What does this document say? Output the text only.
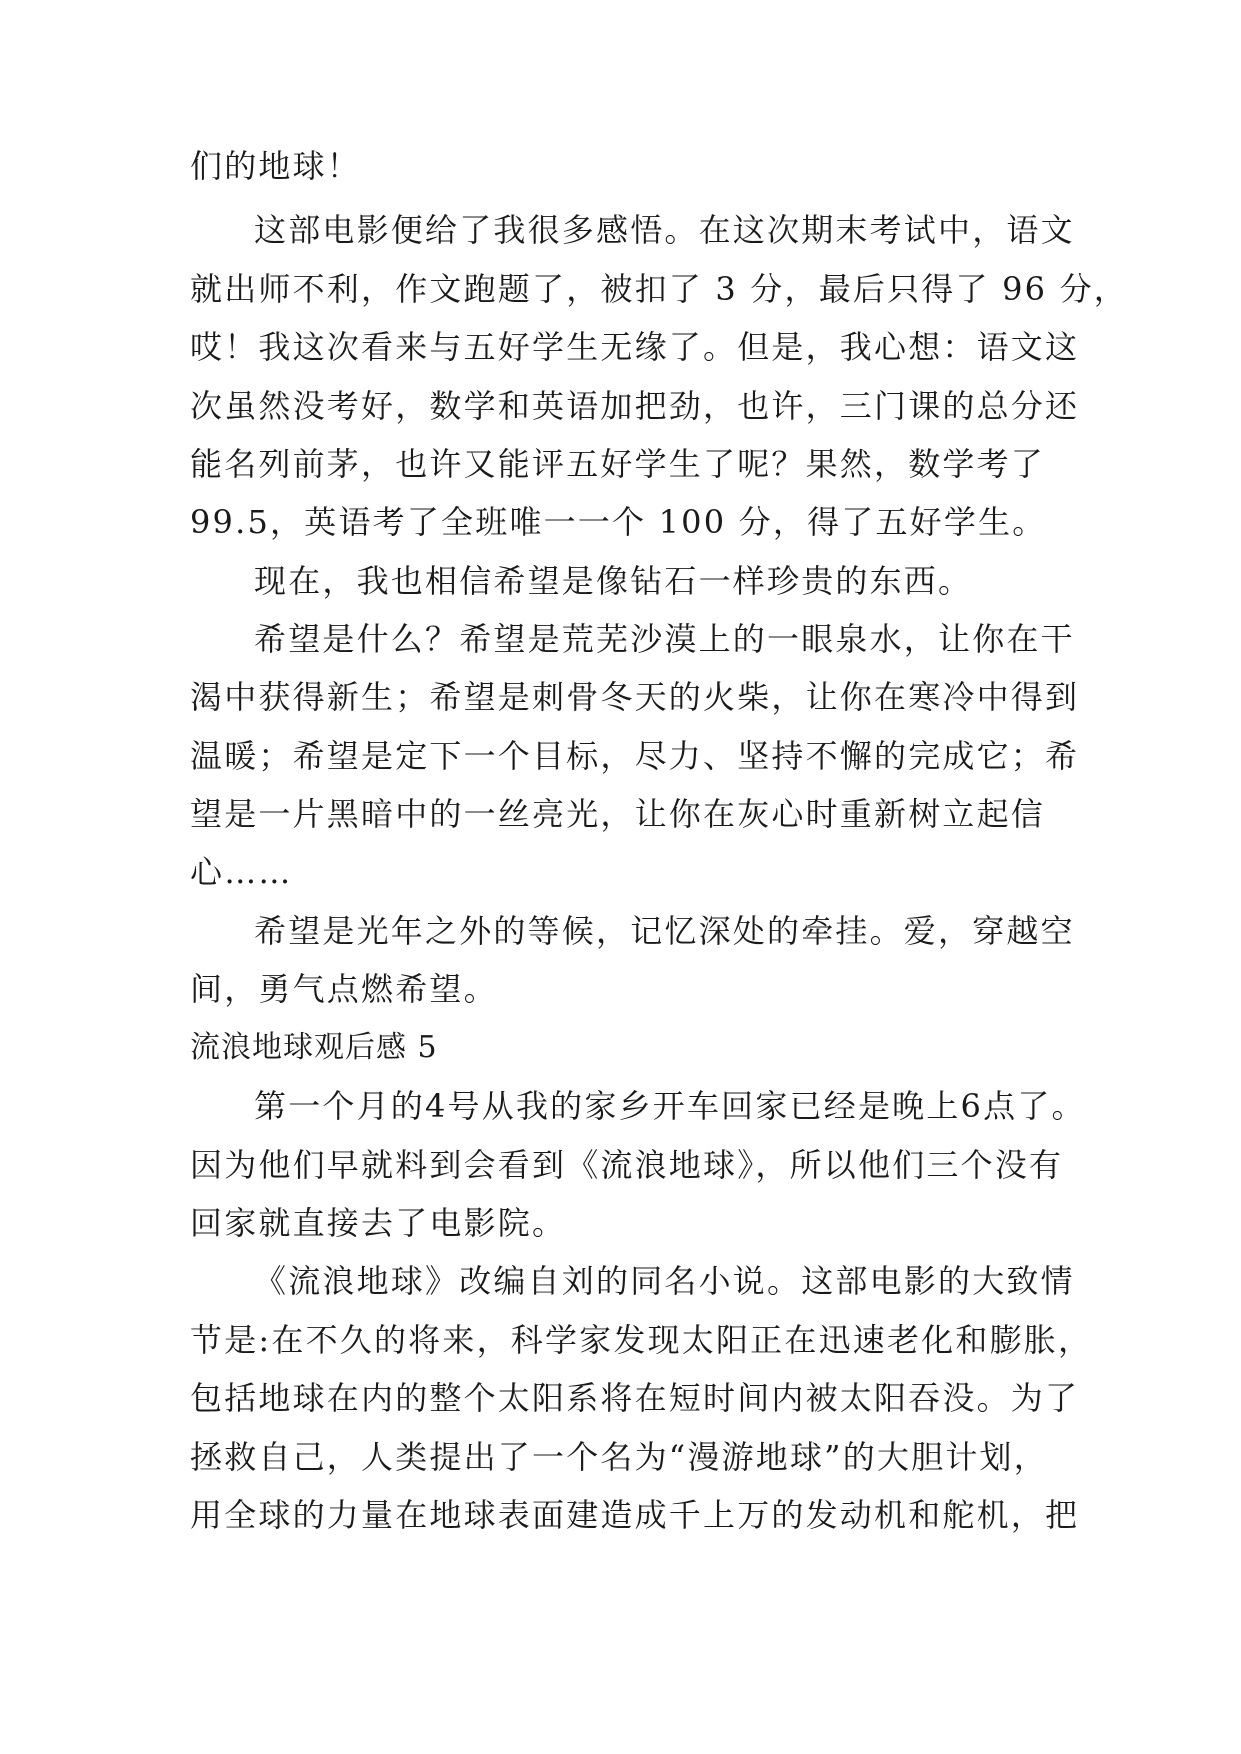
们的地球！
这部电影便给了我很多感悟。在这次期末考试中，语文
就出师不利，作文跑题了，被扣了 3 分，最后只得了 96 分，
哎！我这次看来与五好学生无缘了。但是，我心想：语文这
次虽然没考好，数学和英语加把劲，也许，三门课的总分还
能名列前茅，也许又能评五好学生了呢？果然，数学考了
99.5，英语考了全班唯一一个 100 分，得了五好学生。
现在，我也相信希望是像钻石一样珍贵的东西。
希望是什么？希望是荒芜沙漠上的一眼泉水，让你在干
渴中获得新生；希望是刺骨冬天的火柴，让你在寒冷中得到
温暖；希望是定下一个目标，尽力、坚持不懈的完成它；希
望是一片黑暗中的一丝亮光，让你在灰心时重新树立起信
心……
希望是光年之外的等候，记忆深处的牵挂。爱，穿越空
间，勇气点燃希望。
流浪地球观后感 5
第一个月的4号从我的家乡开车回家已经是晚上6点了。
因为他们早就料到会看到《流浪地球》，所以他们三个没有
回家就直接去了电影院。
《流浪地球》改编自刘的同名小说。这部电影的大致情
节是:在不久的将来，科学家发现太阳正在迅速老化和膨胀，
包括地球在内的整个太阳系将在短时间内被太阳吞没。为了
拯救自己，人类提出了一个名为“漫游地球”的大胆计划，
用全球的力量在地球表面建造成千上万的发动机和舵机，把
